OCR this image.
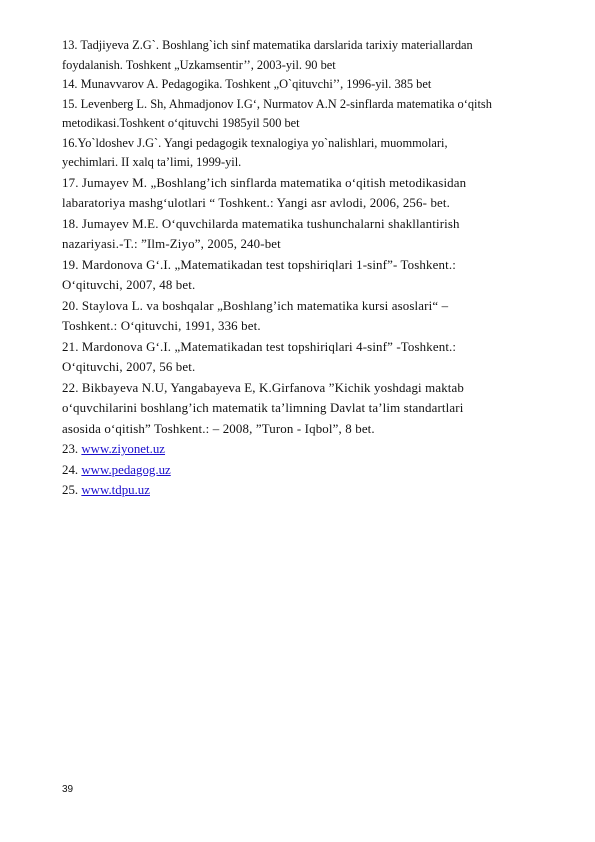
13. Tadjiyeva Z.G`. Boshlang`ich sinf matematika darslarida tarixiy materiallardan
foydalanish. Toshkent „Uzkamsentir’’, 2003-yil. 90 bet
14. Munavvarov A. Pedagogika. Toshkent „O`qituvchi’’, 1996-yil. 385 bet
15. Levenberg L. Sh, Ahmadjonov I.G‘, Nurmatov A.N 2-sinflarda matematika o‘qitsh
metodikasi.Toshkent o‘qituvchi 1985yil 500 bet
16.Yo`ldoshev J.G`. Yangi pedagogik texnalogiya yo`nalishlari, muommolari,
yechimlari. II xalq ta’limi, 1999-yil.
17. Jumayev M. „Boshlang’ich sinflarda matematika o‘qitish metodikasidan
labaratoriya mashg‘ulotlari “ Toshkent.: Yangi asr avlodi, 2006, 256- bet.
18. Jumayev M.E. O‘quvchilarda matematika tushunchalarni shakllantirish
nazariyasi.-T.: ”Ilm-Ziyo”, 2005, 240-bet
19. Mardonova G‘.I. „Matematikadan test topshiriqlari 1-sinf”- Toshkent.:
O‘qituvchi, 2007, 48 bet.
20. Staylova L. va boshqalar „Boshlang’ich matematika kursi asoslari“ –
Toshkent.: O‘qituvchi, 1991, 336 bet.
21. Mardonova G‘.I. „Matematikadan test topshiriqlari 4-sinf” -Toshkent.:
O‘qituvchi, 2007, 56 bet.
22. Bikbayeva N.U, Yangabayeva E, K.Girfanova ”Kichik yoshdagi maktab
o‘quvchilarini boshlang’ich matematik ta’limning Davlat ta’lim standartlari
asosida o‘qitish” Toshkent.: – 2008, ”Turon - Iqbol”, 8 bet.
23. www.ziyonet.uz
24. www.pedagog.uz
25. www.tdpu.uz
39
